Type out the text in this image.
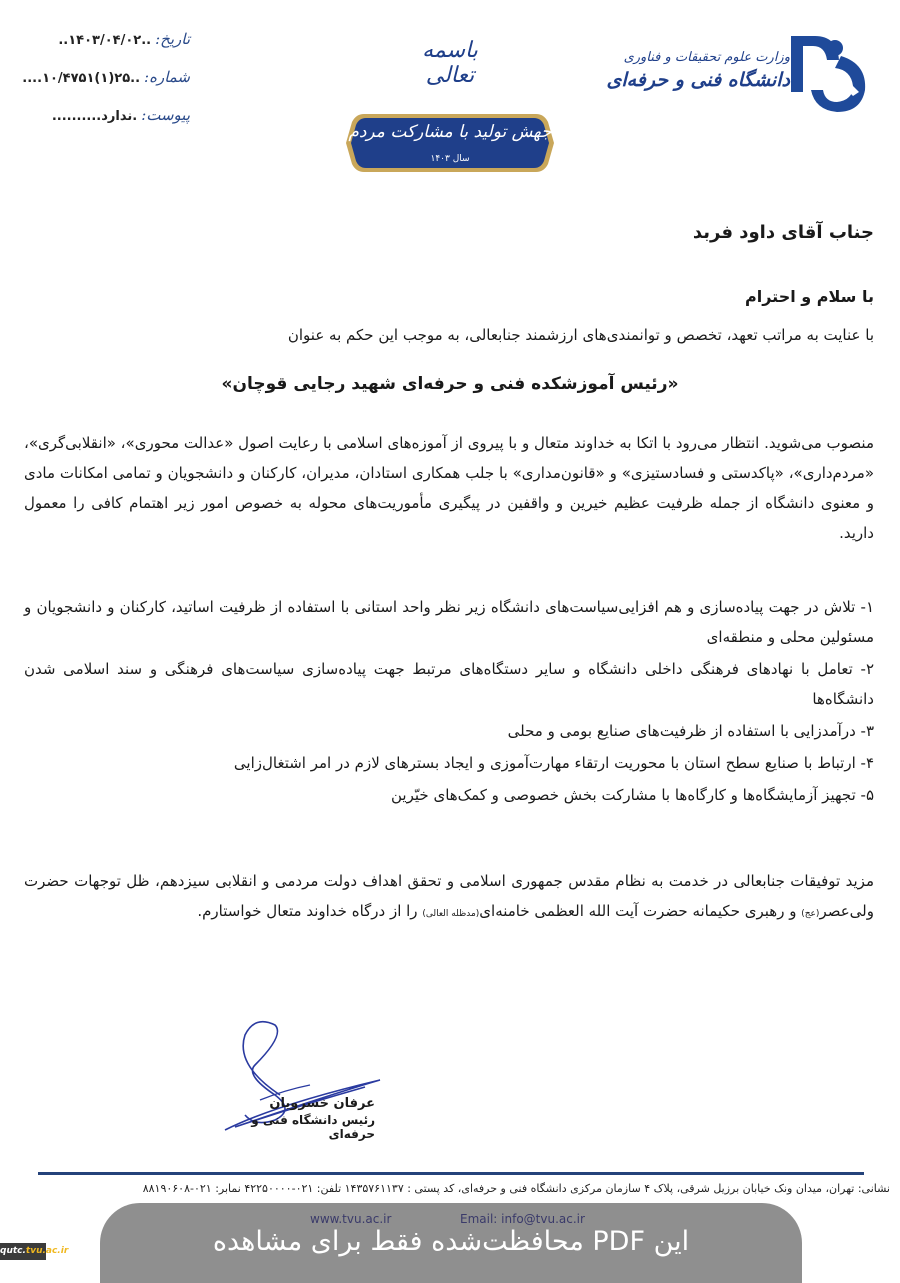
تاریخ:
..۱۴۰۳/۰۴/۰۲..
شماره:
..۲۵(۱)۱۰/۴۷۵۱....
پیوست:
.ندارد..........
باسمه تعالی
جهش تولید با مشارکت مردم
سال ۱۴۰۳
وزارت علوم تحقیقات و فناوری
دانشگاه فنی و حرفه‌ای
جناب آقای داود فربد
با سلام و احترام
با عنایت به مراتب تعهد، تخصص و توانمندی‌های ارزشمند جنابعالی، به موجب این حکم به عنوان
«رئیس آموزشکده فنی و حرفه‌ای شهید رجایی قوچان»
منصوب می‌شوید. انتظار می‌رود با اتکا به خداوند متعال و با پیروی از آموزه‌های اسلامی با رعایت اصول «عدالت محوری»، «انقلابی‌گری»، «مردم‌داری»، «پاکدستی و فسادستیزی» و «قانون‌مداری» با جلب همکاری استادان، مدیران، کارکنان و دانشجویان و تمامی امکانات مادی و معنوی دانشگاه از جمله ظرفیت عظیم خیرین و واقفین در پیگیری مأموریت‌های محوله به خصوص امور زیر اهتمام کافی را معمول دارید.
۱- تلاش در جهت پیاده‌سازی و هم افزایی‌سیاست‌های دانشگاه زیر نظر واحد استانی با استفاده از ظرفیت اساتید، کارکنان و دانشجویان و مسئولین محلی و منطقه‌ای
۲- تعامل با نهادهای فرهنگی داخلی دانشگاه و سایر دستگاه‌های مرتبط جهت پیاده‌سازی سیاست‌های فرهنگی و سند اسلامی شدن دانشگاه‌ها
۳- درآمدزایی با استفاده از ظرفیت‌های صنایع بومی و محلی
۴- ارتباط با صنایع سطح استان با محوریت ارتقاء مهارت‌آموزی و ایجاد بسترهای لازم در امر اشتغال‌زایی
۵- تجهیز آزمایشگاه‌ها و کارگاه‌ها با مشارکت بخش خصوصی و کمک‌های خیّرین
مزید توفیقات جنابعالی در خدمت به نظام مقدس جمهوری اسلامی و تحقق اهداف دولت مردمی و انقلابی سیزدهم، ظل توجهات حضرت ولی‌عصر(عج) و رهبری حکیمانه حضرت آیت الله العظمی خامنه‌ای(مدظله العالی) را از درگاه خداوند متعال خواستارم.
عرفان خسرویان
رئیس دانشگاه فنی و حرفه‌ای
نشانی: تهران، میدان ونک خیابان برزیل شرقی، پلاک ۴ سازمان مرکزی دانشگاه فنی و حرفه‌ای، کد پستی : ۱۴۳۵۷۶۱۱۳۷ تلفن: ۰۲۱-۴۲۲۵۰۰۰۰ نمابر: ۰۲۱-۸۸۱۹۰۶۰۸
www.tvu.ac.ir	Email: info@tvu.ac.ir
این PDF محافظت‌شده فقط برای مشاهده
qutc.tvu.ac.ir
